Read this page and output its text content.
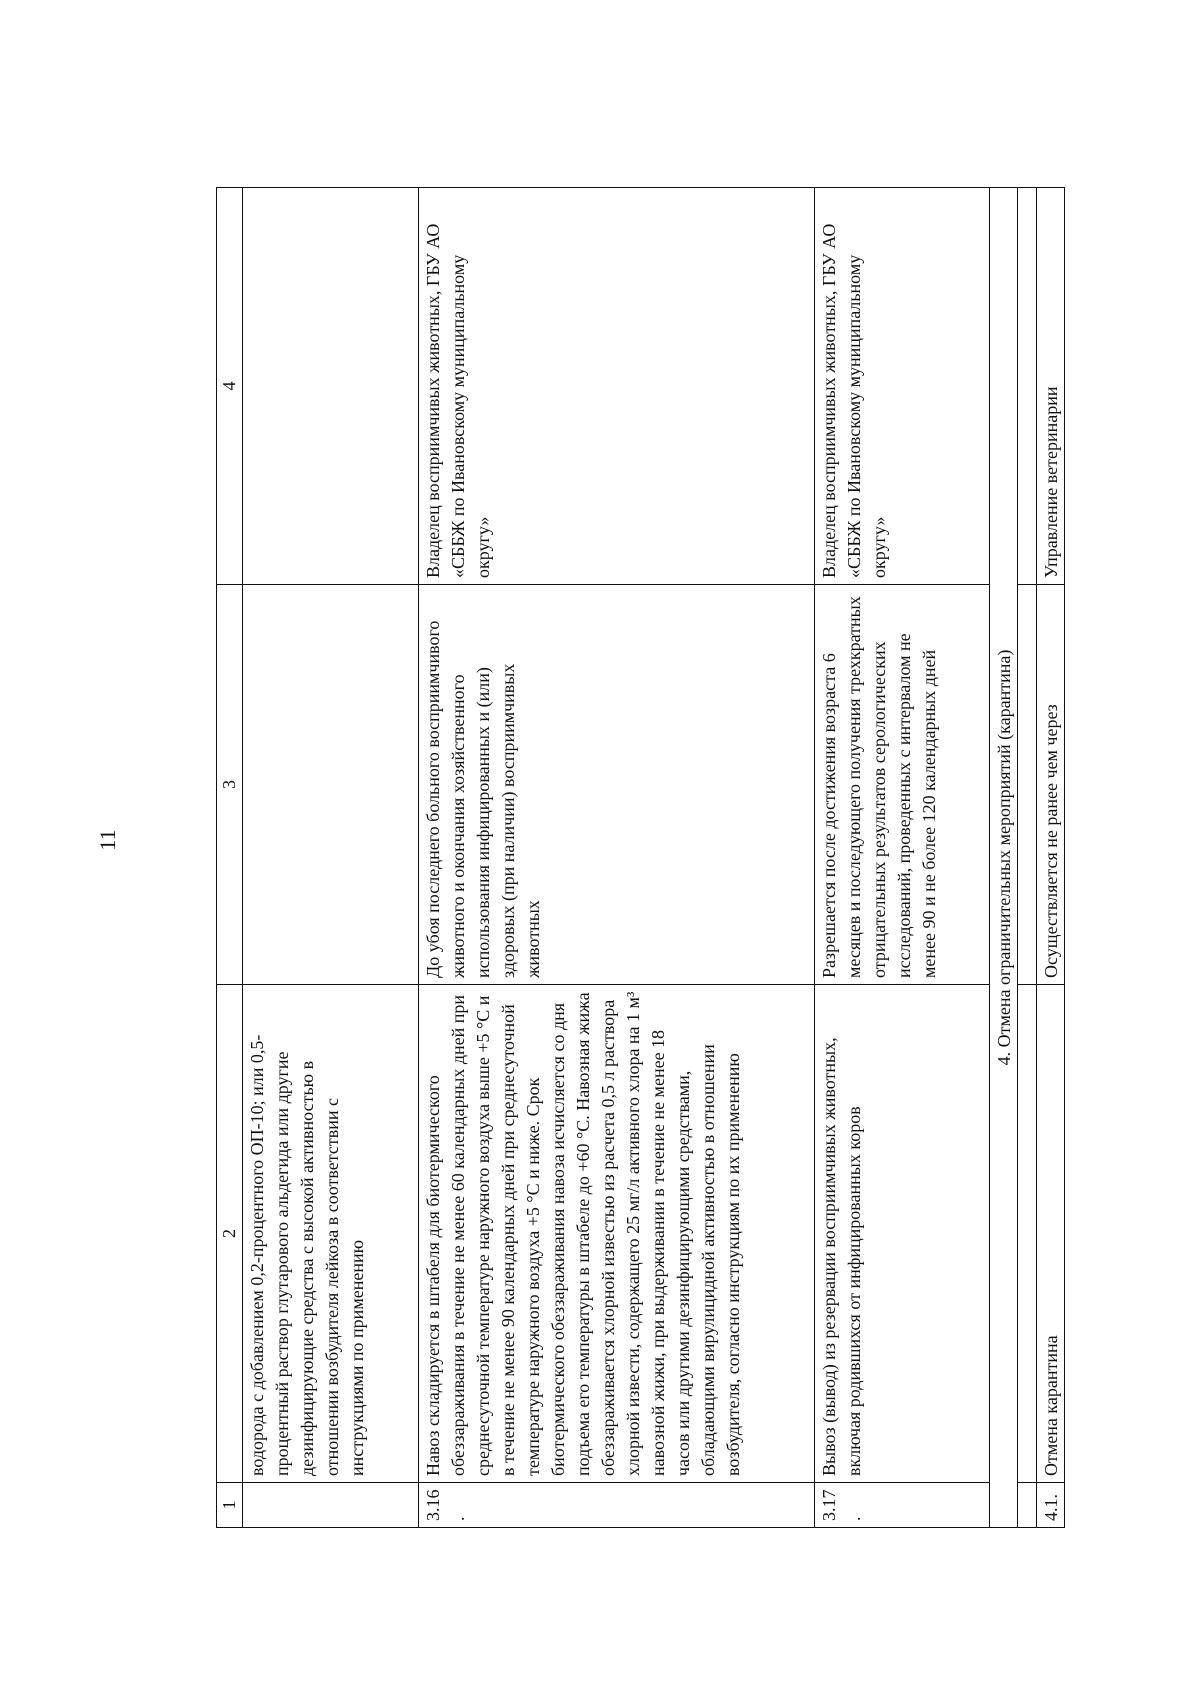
11
1	2	3	4
	водорода с добавлением 0,2-процентного ОП-10; или 0,5-процентный раствор глутарового альдегида или другие дезинфицирующие средства с высокой активностью в отношении возбудителя лейкоза в соответствии с инструкциями по применению		
3.16.	Навоз складируется в штабеля для биотермического обеззараживания в течение не менее 60 календарных дней при среднесуточной температуре наружного воздуха выше +5 °С и в течение не менее 90 календарных дней при среднесуточной температуре наружного воздуха +5 °С и ниже. Срок биотермического обеззараживания навоза исчисляется со дня подъема его температуры в штабеле до +60 °С. Навозная жижа обеззараживается хлорной известью из расчета 0,5 л раствора хлорной извести, содержащего 25 мг/л активного хлора на 1 м³ навозной жижи, при выдерживании в течение не менее 18 часов или другими дезинфицирующими средствами, обладающими вирулицидной активностью в отношении возбудителя, согласно инструкциям по их применению	До убоя последнего больного восприимчивого животного и окончания хозяйственного использования инфицированных и (или) здоровых (при наличии) восприимчивых животных	Владелец восприимчивых животных, ГБУ АО «СББЖ по Ивановскому муниципальному округу»
3.17.	Вывоз (вывод) из резервации восприимчивых животных, включая родившихся от инфицированных коров	Разрешается после достижения возраста 6 месяцев и последующего получения трехкратных отрицательных результатов серологических исследований, проведенных с интервалом не менее 90 и не более 120 календарных дней	Владелец восприимчивых животных, ГБУ АО «СББЖ по Ивановскому муниципальному округу»
4. Отмена ограничительных мероприятий (карантина)			

4.1.	Отмена карантина	Осуществляется не ранее чем через	Управление ветеринарии
